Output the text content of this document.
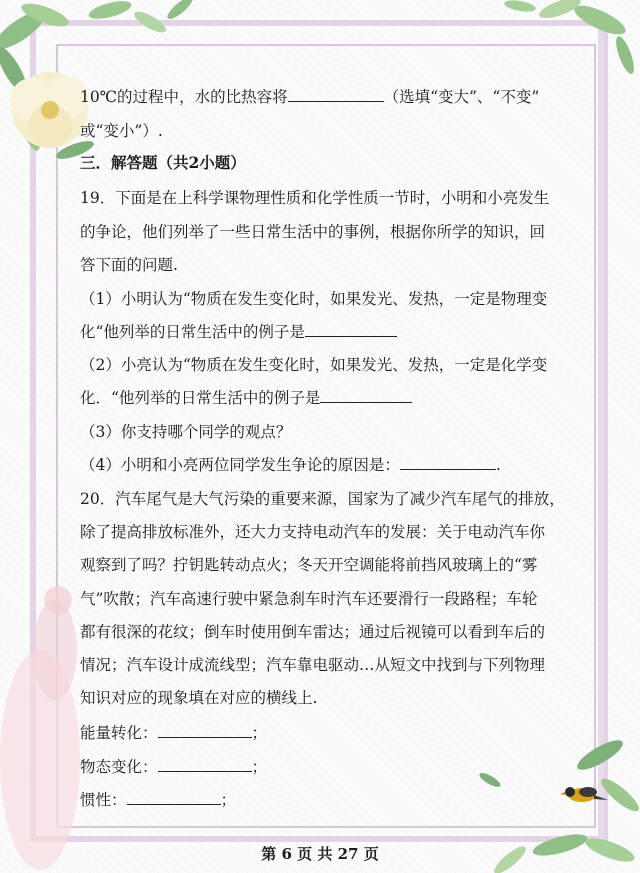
10℃的过程中，水的比热容将	（选填“变大”、“不变”
或“变小”）.
三．解答题（共2小题）
19．下面是在上科学课物理性质和化学性质一节时，小明和小亮发生
的争论，他们列举了一些日常生活中的事例，根据你所学的知识，回
答下面的问题.
（1）小明认为“物质在发生变化时，如果发光、发热，一定是物理变
化“他列举的日常生活中的例子是
（2）小亮认为“物质在发生变化时，如果发光、发热，一定是化学变
化．“他列举的日常生活中的例子是
（3）你支持哪个同学的观点？
（4）小明和小亮两位同学发生争论的原因是：	.
20．汽车尾气是大气污染的重要来源，国家为了减少汽车尾气的排放，
除了提高排放标准外，还大力支持电动汽车的发展：关于电动汽车你
观察到了吗？拧钥匙转动点火；冬天开空调能将前挡风玻璃上的“雾
气”吹散；汽车高速行驶中紧急刹车时汽车还要滑行一段路程；车轮
都有很深的花纹；倒车时使用倒车雷达；通过后视镜可以看到车后的
情况；汽车设计成流线型；汽车靠电驱动…从短文中找到与下列物理
知识对应的现象填在对应的横线上.
能量转化：	；
物态变化：	；
惯性：	；
第 6 页 共 27 页
